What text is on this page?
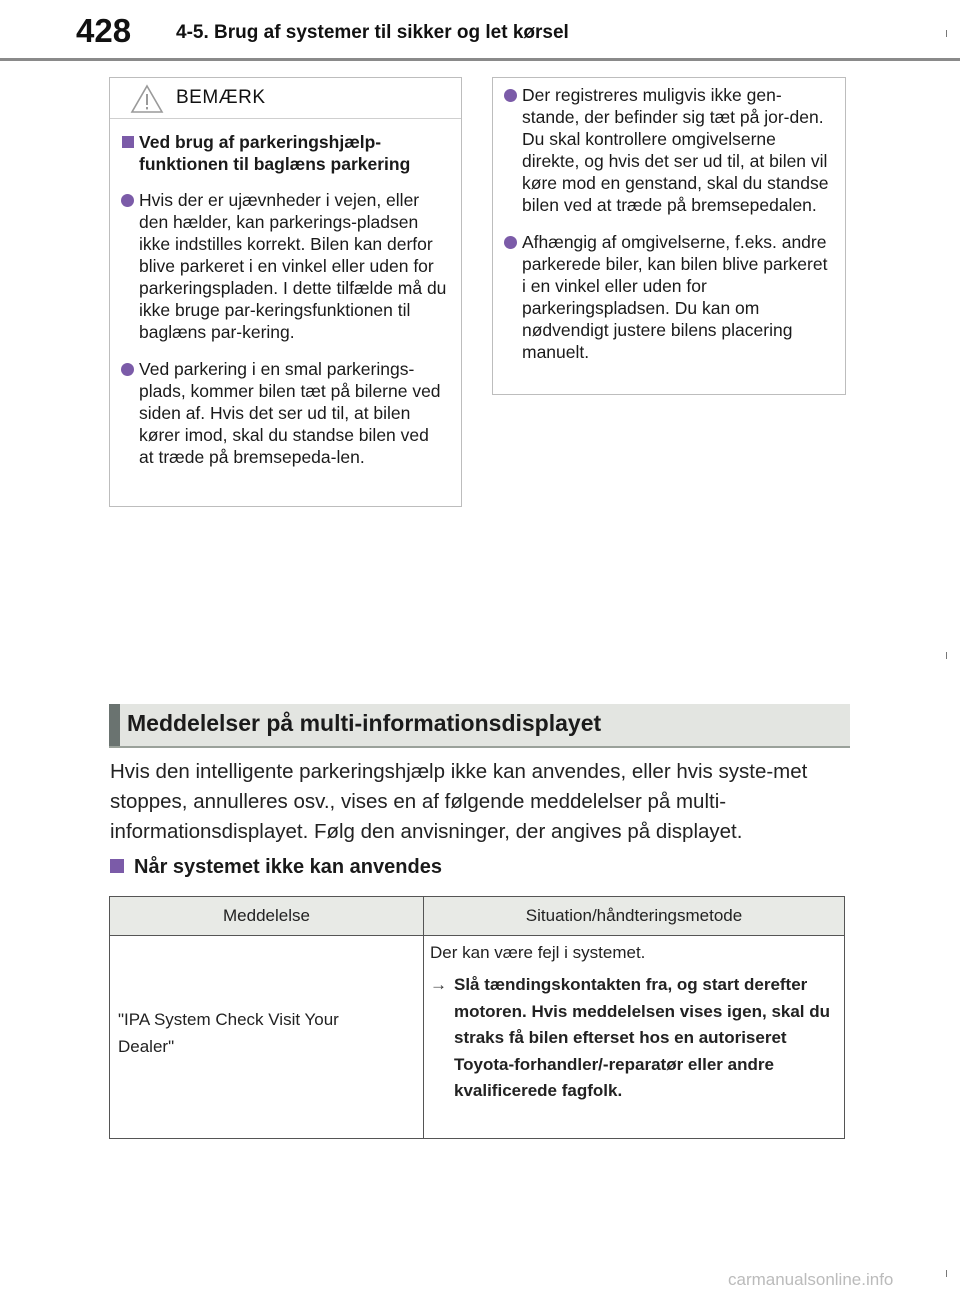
428 4-5. Brug af systemer til sikker og let kørsel
BEMÆRK
Ved brug af parkeringshjælp-funktionen til baglæns parkering
Hvis der er ujævnheder i vejen, eller den hælder, kan parkerings-pladsen ikke indstilles korrekt. Bilen kan derfor blive parkeret i en vinkel eller uden for parkeringspladen. I dette tilfælde må du ikke bruge par-keringsfunktionen til baglæns par-kering.
Ved parkering i en smal parkerings-plads, kommer bilen tæt på bilerne ved siden af. Hvis det ser ud til, at bilen kører imod, skal du standse bilen ved at træde på bremsepeda-len.
Der registreres muligvis ikke gen-stande, der befinder sig tæt på jor-den. Du skal kontrollere omgivelserne direkte, og hvis det ser ud til, at bilen vil køre mod en genstand, skal du standse bilen ved at træde på bremsepedalen.
Afhængig af omgivelserne, f.eks. andre parkerede biler, kan bilen blive parkeret i en vinkel eller uden for parkeringspladsen. Du kan om nødvendigt justere bilens placering manuelt.
Meddelelser på multi-informationsdisplayet
Hvis den intelligente parkeringshjælp ikke kan anvendes, eller hvis syste-met stoppes, annulleres osv., vises en af følgende meddelelser på multi-informationsdisplayet. Følg den anvisninger, der angives på displayet.
Når systemet ikke kan anvendes
Meddelelse	Situation/håndteringsmetode

"IPA System Check Visit Your Dealer"	Der kan være fejl i systemet.
→ Slå tændingskontakten fra, og start derefter motoren. Hvis meddelelsen vises igen, skal du straks få bilen efterset hos en autoriseret Toyota-forhandler/-reparatør eller andre kvalificerede fagfolk.
carmanualsonline.info
